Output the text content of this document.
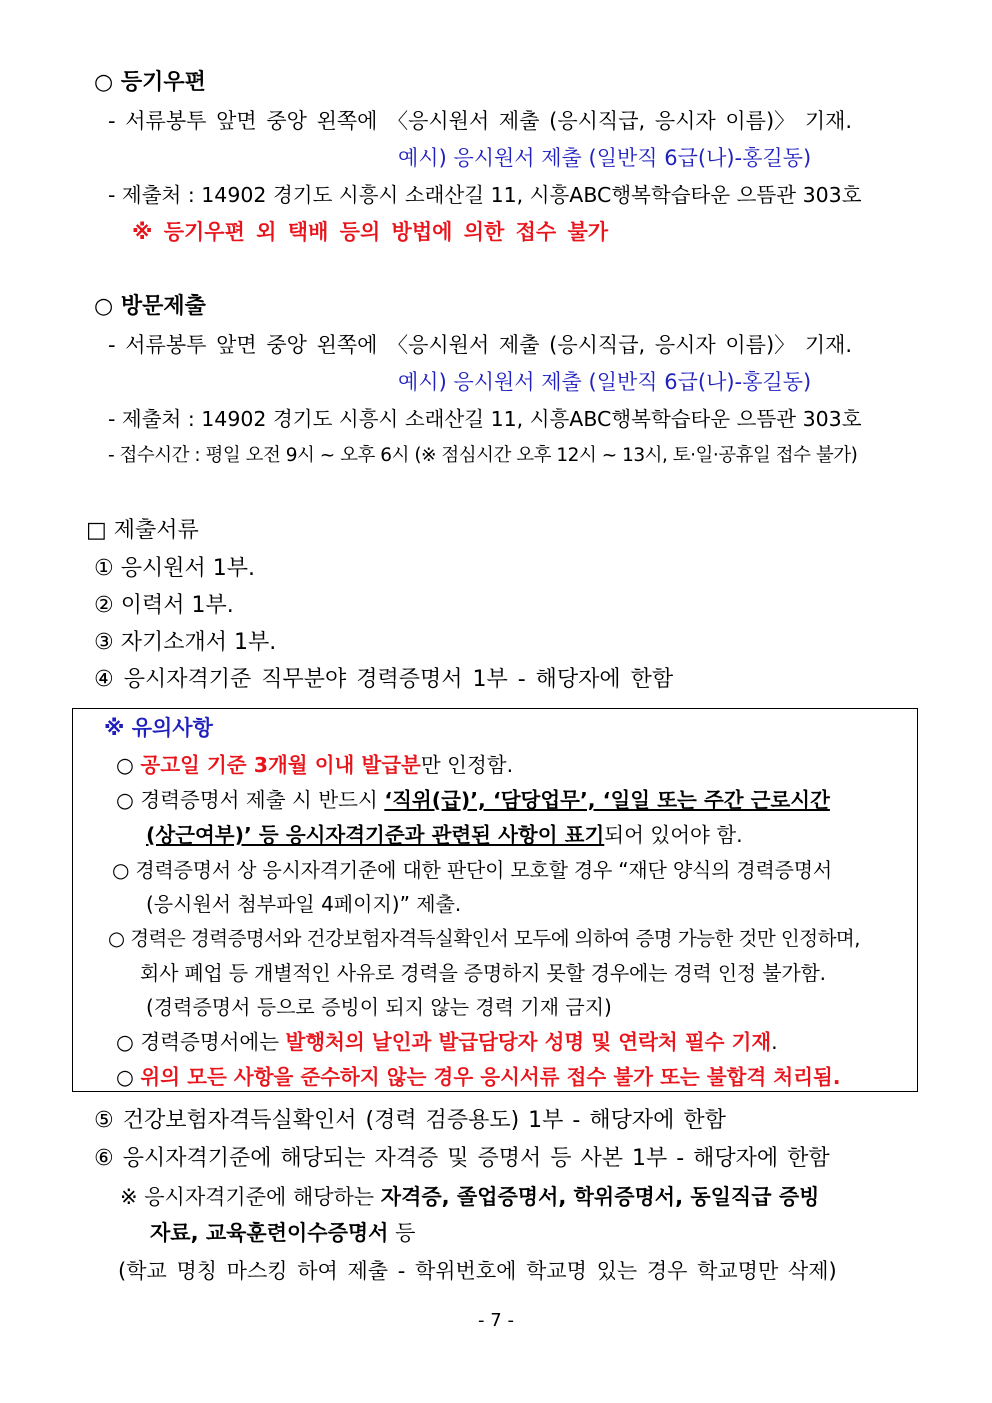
○ 등기우편
- 서류봉투 앞면 중앙 왼쪽에 〈응시원서 제출 (응시직급, 응시자 이름)〉 기재.
예시) 응시원서 제출 (일반직 6급(나)-홍길동)
- 제출처 : 14902 경기도 시흥시 소래산길 11, 시흥ABC행복학습타운 으뜸관 303호
※ 등기우편 외 택배 등의 방법에 의한 접수 불가
○ 방문제출
- 서류봉투 앞면 중앙 왼쪽에 〈응시원서 제출 (응시직급, 응시자 이름)〉 기재.
예시) 응시원서 제출 (일반직 6급(나)-홍길동)
- 제출처 : 14902 경기도 시흥시 소래산길 11, 시흥ABC행복학습타운 으뜸관 303호
- 접수시간 : 평일 오전 9시 ~ 오후 6시 (※ 점심시간 오후 12시 ~ 13시, 토·일·공휴일 접수 불가)
□ 제출서류
① 응시원서 1부.
② 이력서 1부.
③ 자기소개서 1부.
④ 응시자격기준 직무분야 경력증명서 1부 - 해당자에 한함
※ 유의사항
○ 공고일 기준 3개월 이내 발급분만 인정함.
○ 경력증명서 제출 시 반드시 ‘직위(급)’, ‘담당업무’, ‘일일 또는 주간 근로시간
(상근여부)’ 등 응시자격기준과 관련된 사항이 표기되어 있어야 함.
○ 경력증명서 상 응시자격기준에 대한 판단이 모호할 경우 “재단 양식의 경력증명서
(응시원서 첨부파일 4페이지)” 제출.
○ 경력은 경력증명서와 건강보험자격득실확인서 모두에 의하여 증명 가능한 것만 인정하며,
회사 폐업 등 개별적인 사유로 경력을 증명하지 못할 경우에는 경력 인정 불가함.
(경력증명서 등으로 증빙이 되지 않는 경력 기재 금지)
○ 경력증명서에는 발행처의 날인과 발급담당자 성명 및 연락처 필수 기재.
○ 위의 모든 사항을 준수하지 않는 경우 응시서류 접수 불가 또는 불합격 처리됨.
⑤ 건강보험자격득실확인서 (경력 검증용도) 1부 - 해당자에 한함
⑥ 응시자격기준에 해당되는 자격증 및 증명서 등 사본 1부 - 해당자에 한함
※ 응시자격기준에 해당하는 자격증, 졸업증명서, 학위증명서, 동일직급 증빙
자료, 교육훈련이수증명서 등
(학교 명칭 마스킹 하여 제출 - 학위번호에 학교명 있는 경우 학교명만 삭제)
- 7 -
